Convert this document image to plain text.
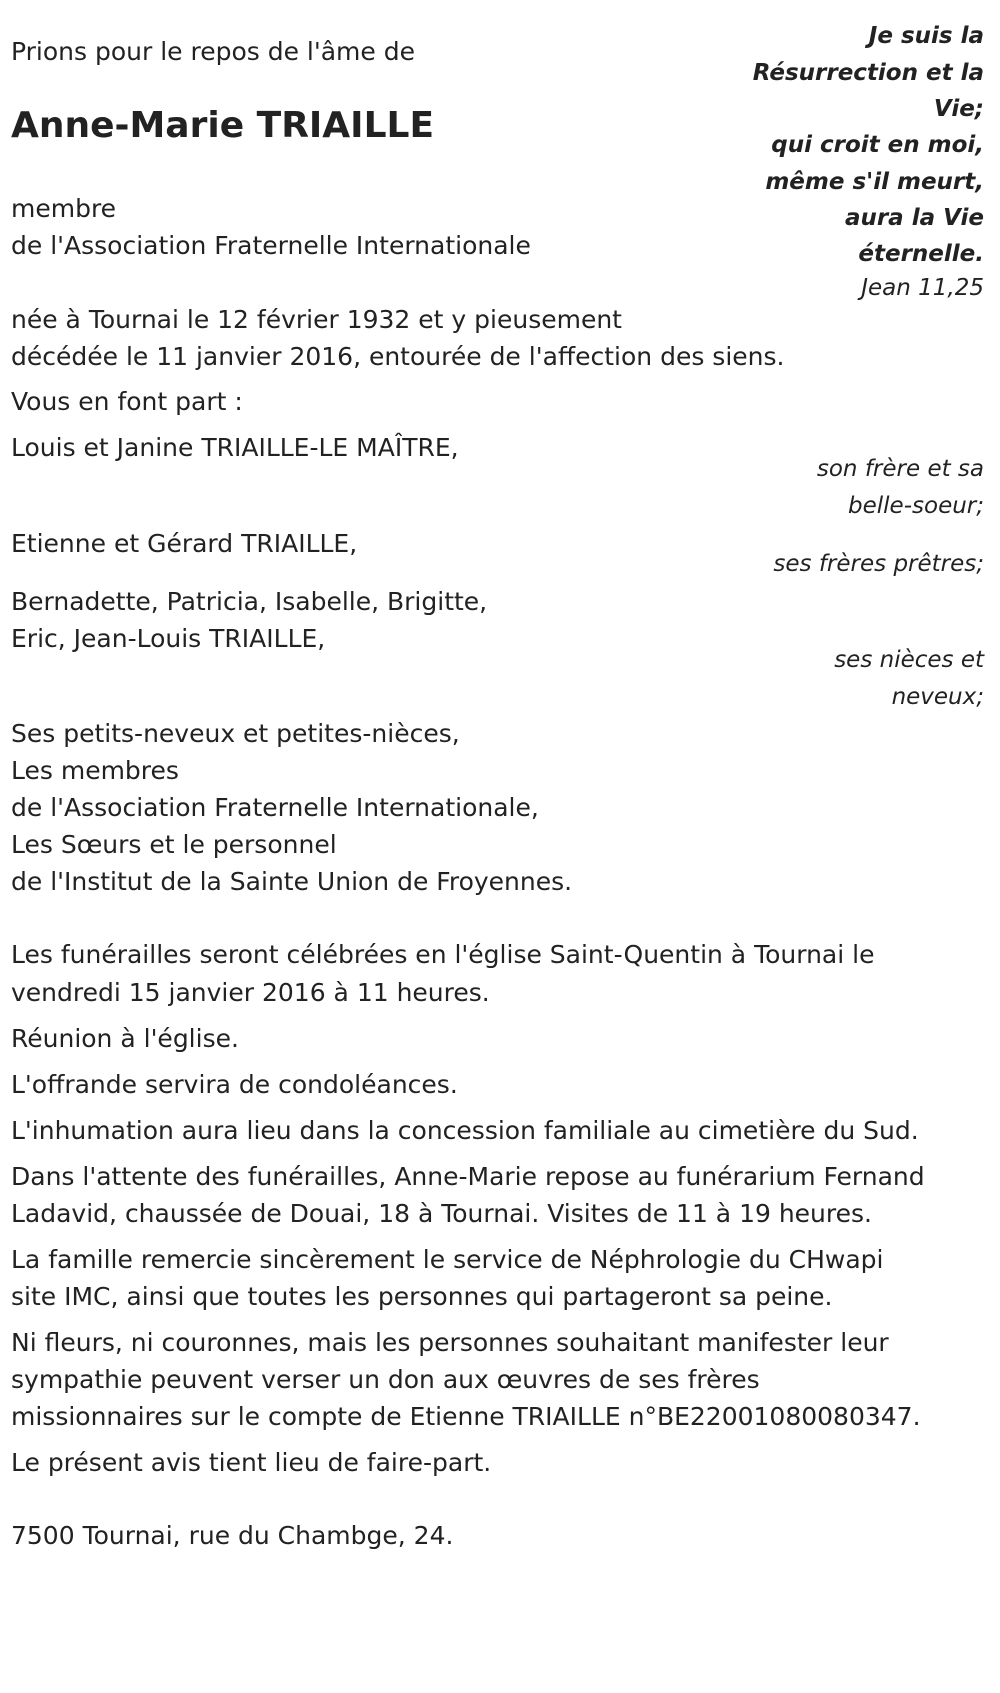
Prions pour le repos de l'âme de
Anne-Marie TRIAILLE
membre
de l'Association Fraternelle Internationale
Je suis la
Résurrection et la
Vie;
qui croit en moi,
même s'il meurt,
aura la Vie
éternelle.
Jean 11,25
née à Tournai le 12 février 1932 et y pieusement
décédée le 11 janvier 2016, entourée de l'affection des siens.
Vous en font part :
Louis et Janine TRIAILLE-LE MAÎTRE,
son frère et sa
belle-soeur;
Etienne et Gérard TRIAILLE,
ses frères prêtres;
Bernadette, Patricia, Isabelle, Brigitte,
Eric, Jean-Louis TRIAILLE,
ses nièces et
neveux;
Ses petits-neveux et petites-nièces,
Les membres
de l'Association Fraternelle Internationale,
Les Sœurs et le personnel
de l'Institut de la Sainte Union de Froyennes.
Les funérailles seront célébrées en l'église Saint-Quentin à Tournai le
vendredi 15 janvier 2016 à 11 heures.
Réunion à l'église.
L'offrande servira de condoléances.
L'inhumation aura lieu dans la concession familiale au cimetière du Sud.
Dans l'attente des funérailles, Anne-Marie repose au funérarium Fernand
Ladavid, chaussée de Douai, 18 à Tournai. Visites de 11 à 19 heures.
La famille remercie sincèrement le service de Néphrologie du CHwapi
site IMC, ainsi que toutes les personnes qui partageront sa peine.
Ni fleurs, ni couronnes, mais les personnes souhaitant manifester leur
sympathie peuvent verser un don aux œuvres de ses frères
missionnaires sur le compte de Etienne TRIAILLE n°BE22001080080347.
Le présent avis tient lieu de faire-part.
7500 Tournai, rue du Chambge, 24.
